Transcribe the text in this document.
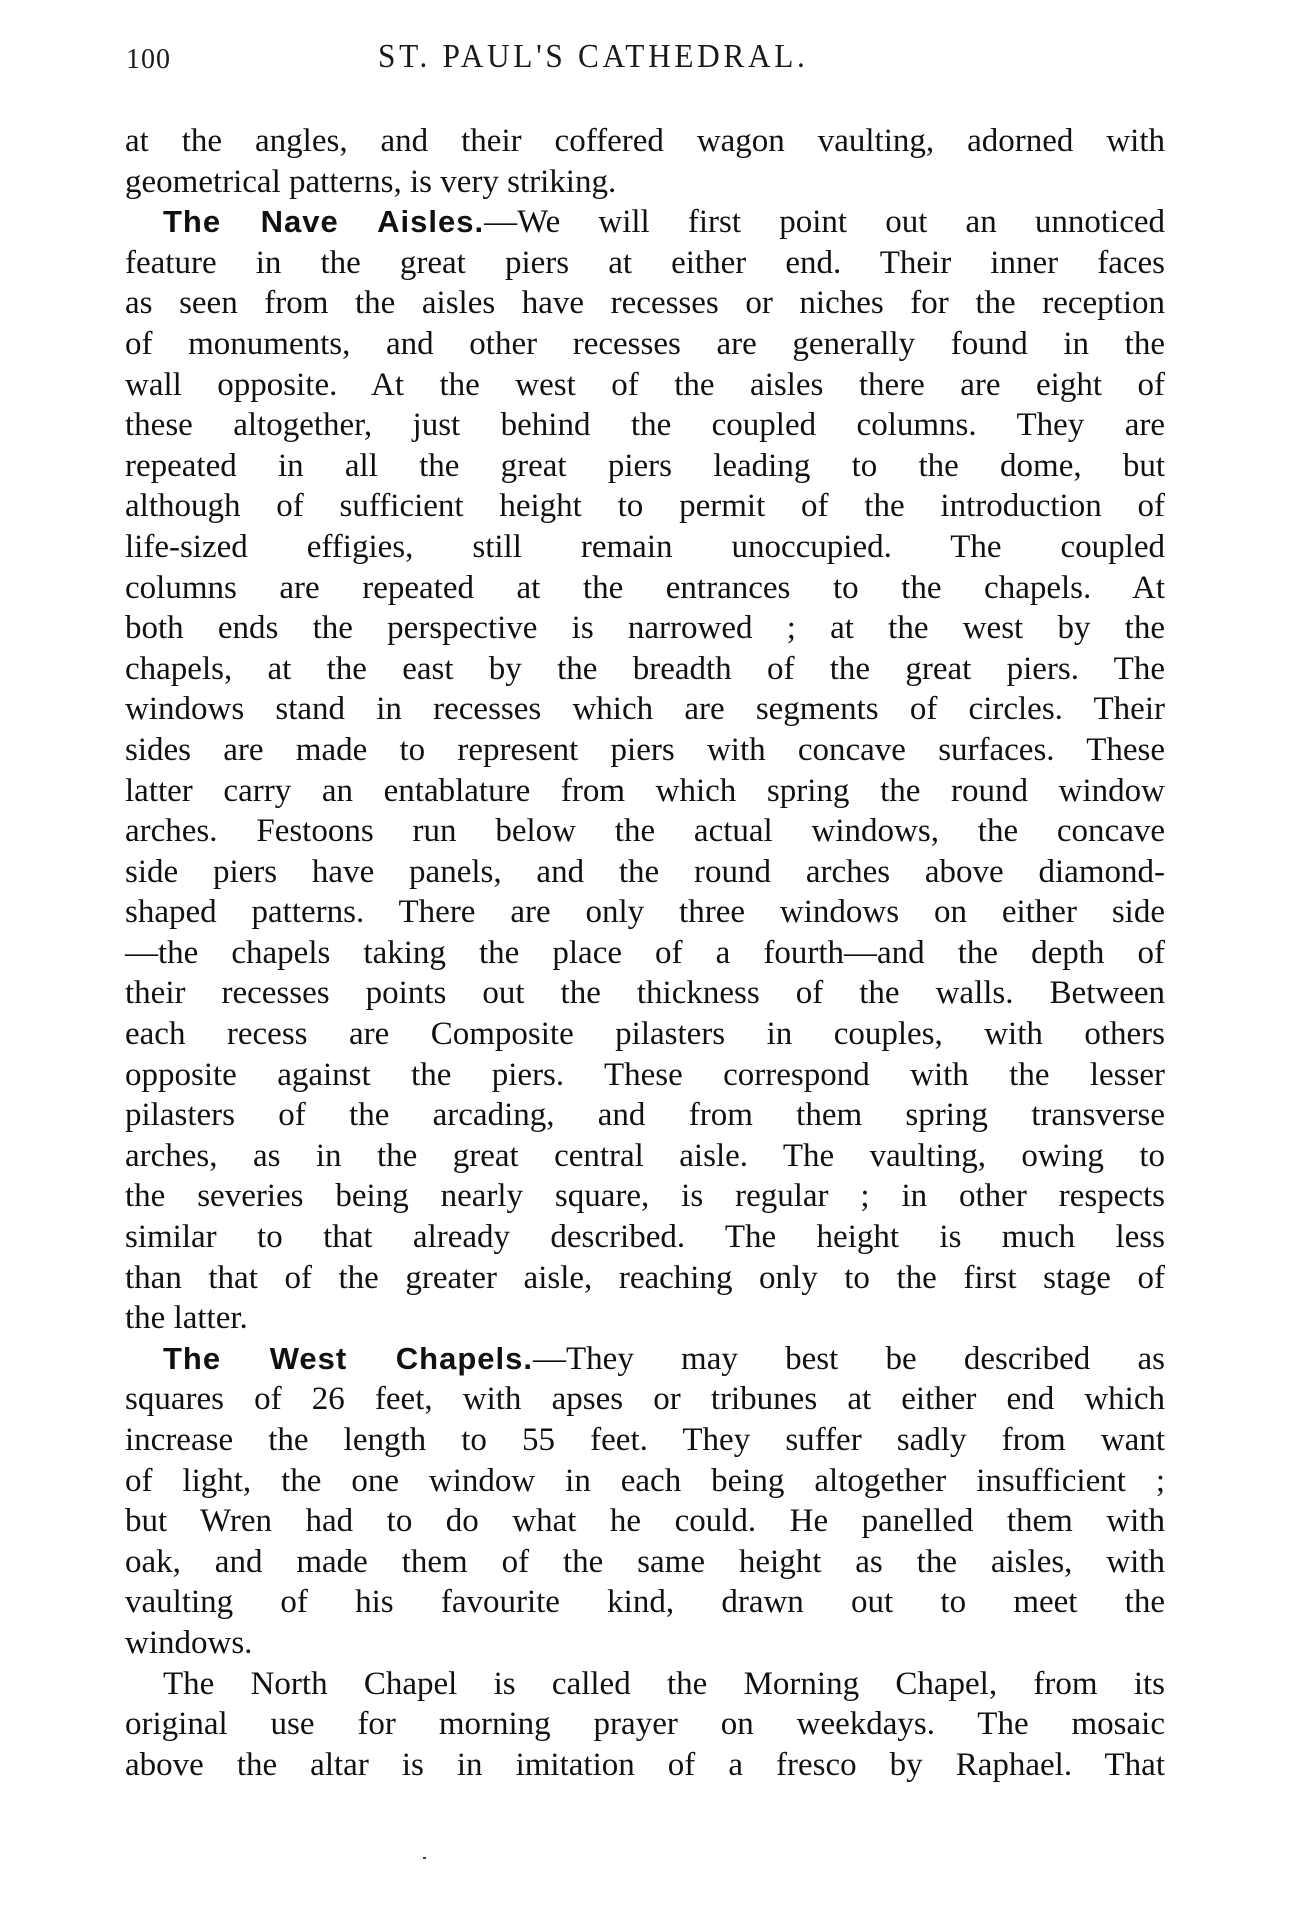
100	ST. PAUL'S CATHEDRAL.
at the angles, and their coffered wagon vaulting, adorned with
geometrical patterns, is very striking.
The Nave Aisles.—We will first point out an unnoticed
feature in the great piers at either end. Their inner faces
as seen from the aisles have recesses or niches for the reception
of monuments, and other recesses are generally found in the
wall opposite. At the west of the aisles there are eight of
these altogether, just behind the coupled columns. They are
repeated in all the great piers leading to the dome, but
although of sufficient height to permit of the introduction of
life-sized effigies, still remain unoccupied. The coupled
columns are repeated at the entrances to the chapels. At
both ends the perspective is narrowed ; at the west by the
chapels, at the east by the breadth of the great piers. The
windows stand in recesses which are segments of circles. Their
sides are made to represent piers with concave surfaces. These
latter carry an entablature from which spring the round window
arches. Festoons run below the actual windows, the concave
side piers have panels, and the round arches above diamond-
shaped patterns. There are only three windows on either side
—the chapels taking the place of a fourth—and the depth of
their recesses points out the thickness of the walls. Between
each recess are Composite pilasters in couples, with others
opposite against the piers. These correspond with the lesser
pilasters of the arcading, and from them spring transverse
arches, as in the great central aisle. The vaulting, owing to
the severies being nearly square, is regular ; in other respects
similar to that already described. The height is much less
than that of the greater aisle, reaching only to the first stage of
the latter.
The West Chapels.—They may best be described as
squares of 26 feet, with apses or tribunes at either end which
increase the length to 55 feet. They suffer sadly from want
of light, the one window in each being altogether insufficient ;
but Wren had to do what he could. He panelled them with
oak, and made them of the same height as the aisles, with
vaulting of his favourite kind, drawn out to meet the
windows.
The North Chapel is called the Morning Chapel, from its
original use for morning prayer on weekdays. The mosaic
above the altar is in imitation of a fresco by Raphael. That
